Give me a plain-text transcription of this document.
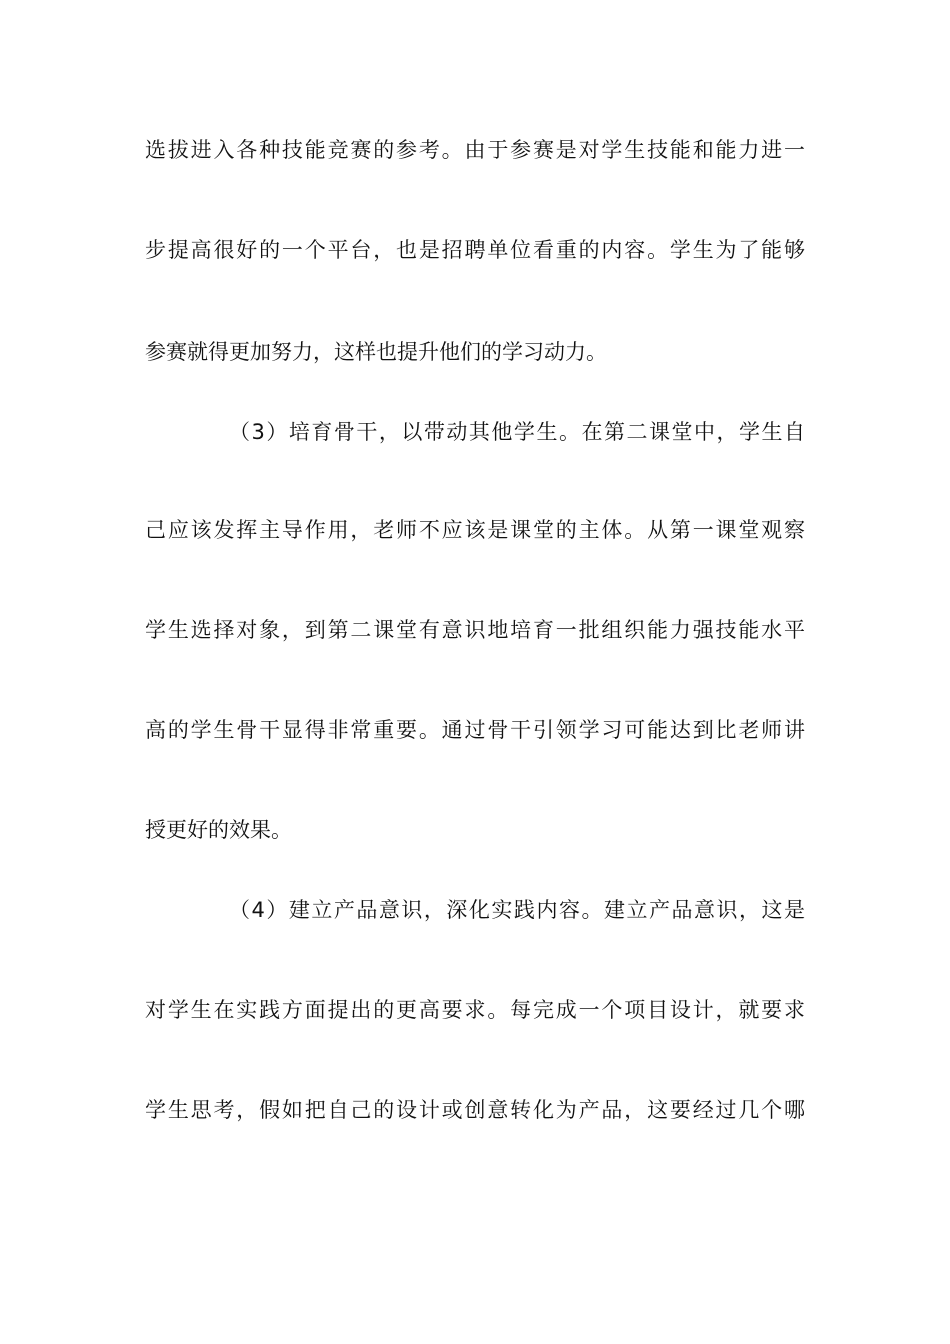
选拔进入各种技能竞赛的参考。由于参赛是对学生技能和能力进一
步提高很好的一个平台，也是招聘单位看重的内容。学生为了能够
参赛就得更加努力，这样也提升他们的学习动力。
（3）培育骨干，以带动其他学生。在第二课堂中，学生自
己应该发挥主导作用，老师不应该是课堂的主体。从第一课堂观察
学生选择对象，到第二课堂有意识地培育一批组织能力强技能水平
高的学生骨干显得非常重要。通过骨干引领学习可能达到比老师讲
授更好的效果。
（4）建立产品意识，深化实践内容。建立产品意识，这是
对学生在实践方面提出的更高要求。每完成一个项目设计，就要求
学生思考，假如把自己的设计或创意转化为产品，这要经过几个哪
